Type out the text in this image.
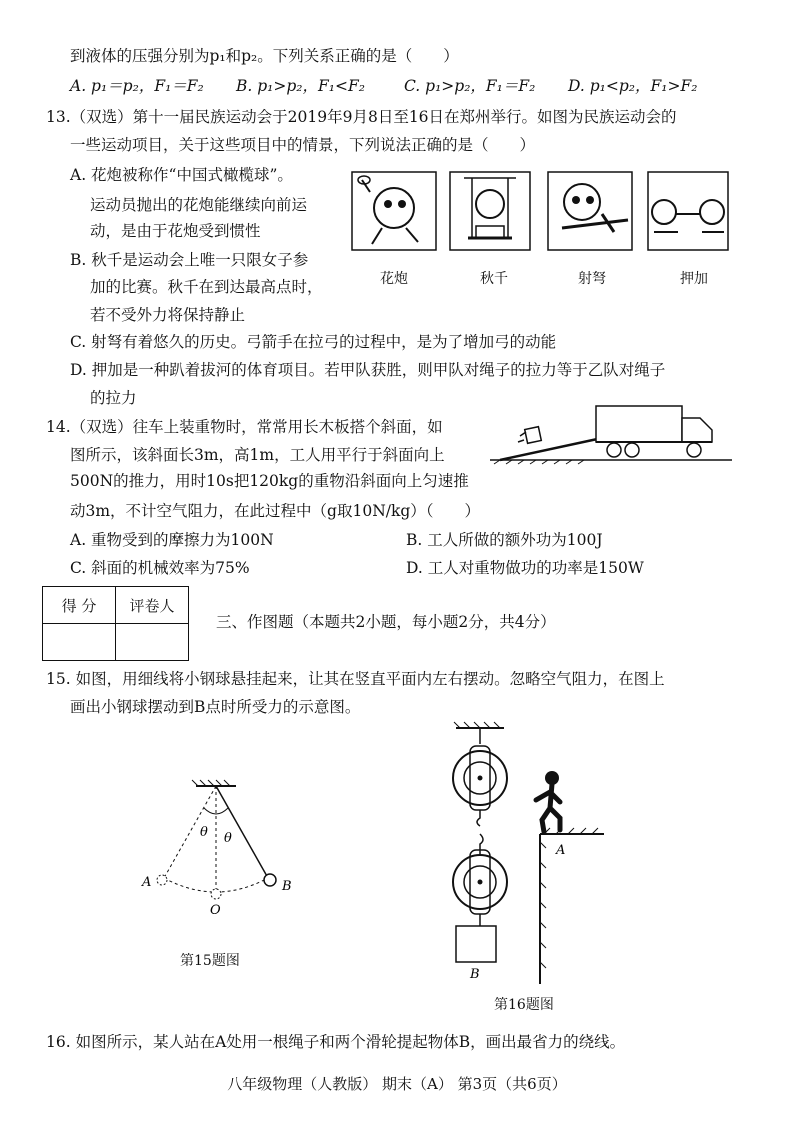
到液体的压强分别为p₁和p₂。下列关系正确的是（　　）
A. p₁＝p₂，F₁＝F₂ B. p₁>p₂，F₁<F₂	C. p₁>p₂，F₁＝F₂ D. p₁<p₂，F₁>F₂
13.（双选）第十一届民族运动会于2019年9月8日至16日在郑州举行。如图为民族运动会的
一些运动项目，关于这些项目中的情景，下列说法正确的是（　　）
A. 花炮被称作“中国式橄榄球”。
运动员抛出的花炮能继续向前运
动，是由于花炮受到惯性
B. 秋千是运动会上唯一只限女子参
加的比赛。秋千在到达最高点时，
若不受外力将保持静止
C. 射弩有着悠久的历史。弓箭手在拉弓的过程中，是为了增加弓的动能
D. 押加是一种趴着拔河的体育项目。若甲队获胜，则甲队对绳子的拉力等于乙队对绳子
的拉力
花炮	秋千	射弩	押加
14.（双选）往车上装重物时，常常用长木板搭个斜面，如
图所示，该斜面长3m，高1m，工人用平行于斜面向上
500N的推力，用时10s把120kg的重物沿斜面向上匀速推
动3m，不计空气阻力，在此过程中（g取10N/kg）（　　）
A. 重物受到的摩擦力为100N	B. 工人所做的额外功为100J
C. 斜面的机械效率为75%	D. 工人对重物做功的功率是150W
得 分	评卷人

三、作图题（本题共2小题，每小题2分，共4分）
15. 如图，用细线将小钢球悬挂起来，让其在竖直平面内左右摆动。忽略空气阻力，在图上
画出小钢球摆动到B点时所受力的示意图。
A	B
O
θ θ
第15题图
B
A
第16题图
16. 如图所示，某人站在A处用一根绳子和两个滑轮提起物体B，画出最省力的绕线。
八年级物理（人教版） 期末（A） 第3页（共6页）
